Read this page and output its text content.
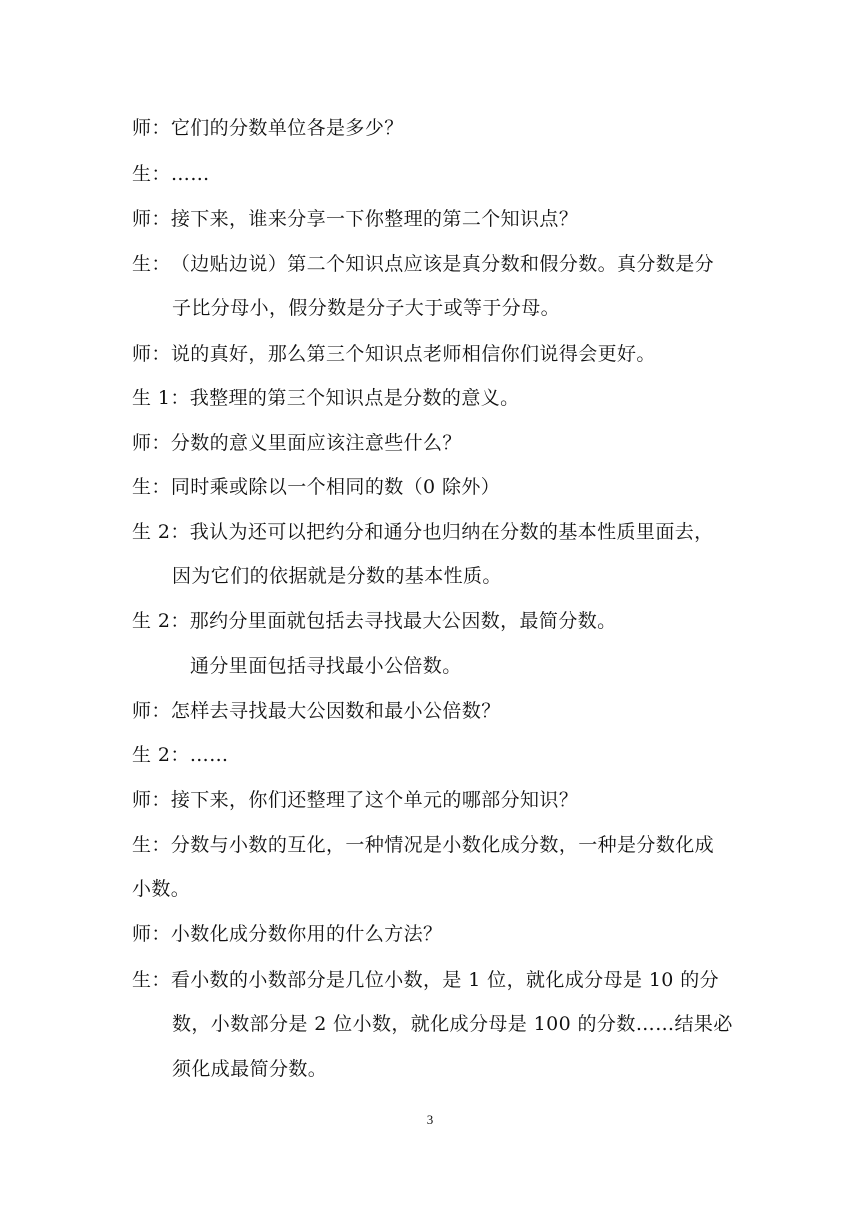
师：它们的分数单位各是多少？
生：……
师：接下来，谁来分享一下你整理的第二个知识点？
生：（边贴边说）第二个知识点应该是真分数和假分数。真分数是分
子比分母小，假分数是分子大于或等于分母。
师：说的真好，那么第三个知识点老师相信你们说得会更好。
生 1：我整理的第三个知识点是分数的意义。
师：分数的意义里面应该注意些什么？
生：同时乘或除以一个相同的数（0 除外）
生 2：我认为还可以把约分和通分也归纳在分数的基本性质里面去，
因为它们的依据就是分数的基本性质。
生 2：那约分里面就包括去寻找最大公因数，最简分数。
通分里面包括寻找最小公倍数。
师：怎样去寻找最大公因数和最小公倍数？
生 2：……
师：接下来，你们还整理了这个单元的哪部分知识？
生：分数与小数的互化，一种情况是小数化成分数，一种是分数化成
小数。
师：小数化成分数你用的什么方法？
生：看小数的小数部分是几位小数，是 1 位，就化成分母是 10 的分
数，小数部分是 2 位小数，就化成分母是 100 的分数……结果必
须化成最简分数。
3
